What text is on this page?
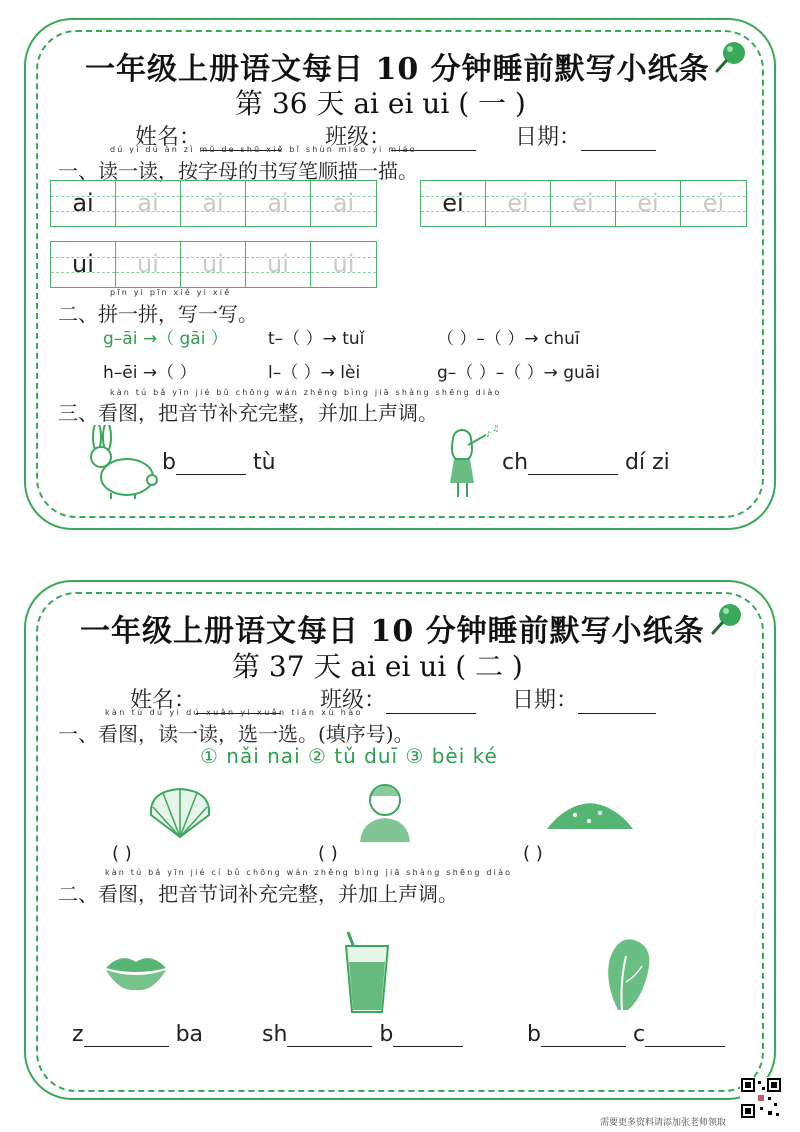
一年级上册语文每日 10 分钟睡前默写小纸条
第 36 天 ai ei ui ( 一 )
姓名：	班级：	日期：
dú yi dú àn zì mǔ de shū xiě bǐ shùn miáo yi miáo
一、读一读，按字母的书写笔顺描一描。
ai	ai	ai	ai	ai	ei	ei	ei	ei	ei
ui	ui	ui	ui	ui
pīn yi pīn xiě yi xiě
二、拼一拼，写一写。
g–āi →（ gāi ） t–（ ）→ tuǐ	（ ）–（ ）→ chuī
h–ēi →（ ）	l–（ ）→ lèi	g–（ ）–（ ）→ guāi
kàn tú bǎ yīn jié bǔ chōng wán zhěng bìng jiā shàng shēng diào
三、看图，把音节补充完整，并加上声调。
b	tù
♪
♫
ch	dí zi
一年级上册语文每日 10 分钟睡前默写小纸条
第 37 天 ai ei ui ( 二 )
姓名：	班级：	日期：
kàn tú dú yi dú xuǎn yi xuǎn tián xù hào
一、看图，读一读，选一选。(填序号)。
① nǎi nai ② tǔ duī ③ bèi ké
( )	( )	( )
kàn tú bǎ yīn jié cí bǔ chōng wán zhěng bìng jiā shàng shēng diào
二、看图，把音节词补充完整，并加上声调。
z	ba	sh	b	b	c
需要更多资料请添加张老师领取
